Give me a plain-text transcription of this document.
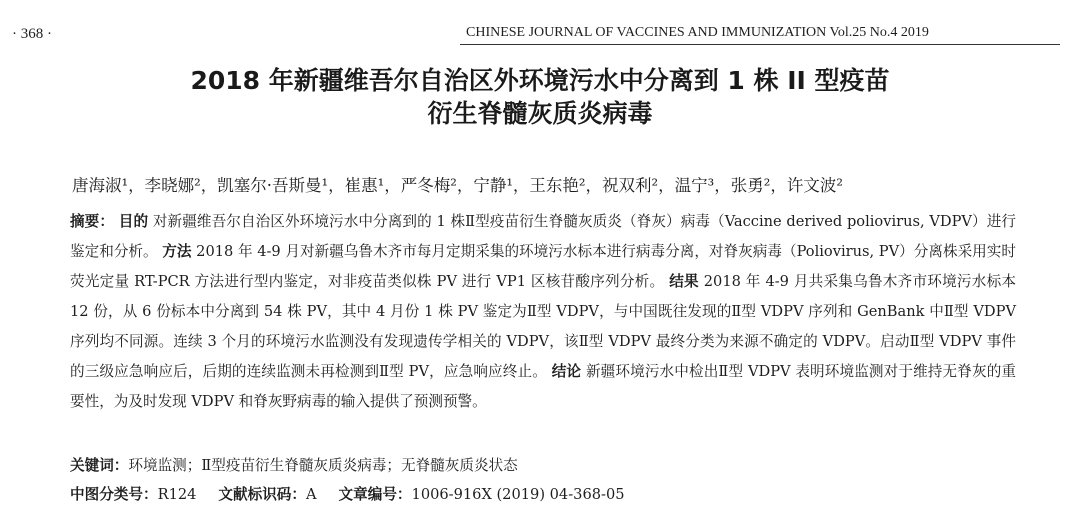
· 368 ·	CHINESE JOURNAL OF VACCINES AND IMMUNIZATION Vol.25 No.4 2019
2018 年新疆维吾尔自治区外环境污水中分离到 1 株 II 型疫苗
衍生脊髓灰质炎病毒
唐海淑¹，李晓娜²，凯塞尔·吾斯曼¹，崔惠¹，严冬梅²，宁静¹，王东艳²，祝双利²，温宁³，张勇²，许文波²

摘要： 目的 对新疆维吾尔自治区外环境污水中分离到的 1 株Ⅱ型疫苗衍生脊髓灰质炎（脊灰）病毒（Vaccine derived poliovirus, VDPV）进行鉴定和分析。 方法 2018 年 4-9 月对新疆乌鲁木齐市每月定期采集的环境污水标本进行病毒分离，对脊灰病毒（Poliovirus, PV）分离株采用实时荧光定量 RT-PCR 方法进行型内鉴定，对非疫苗类似株 PV 进行 VP1 区核苷酸序列分析。 结果 2018 年 4-9 月共采集乌鲁木齐市环境污水标本 12 份，从 6 份标本中分离到 54 株 PV，其中 4 月份 1 株 PV 鉴定为Ⅱ型 VDPV，与中国既往发现的Ⅱ型 VDPV 序列和 GenBank 中Ⅱ型 VDPV 序列均不同源。连续 3 个月的环境污水监测没有发现遗传学相关的 VDPV，该Ⅱ型 VDPV 最终分类为来源不确定的 VDPV。启动Ⅱ型 VDPV 事件的三级应急响应后，后期的连续监测未再检测到Ⅱ型 PV，应急响应终止。 结论 新疆环境污水中检出Ⅱ型 VDPV 表明环境监测对于维持无脊灰的重要性，为及时发现 VDPV 和脊灰野病毒的输入提供了预测预警。

关键词：环境监测；Ⅱ型疫苗衍生脊髓灰质炎病毒；无脊髓灰质炎状态
中图分类号：R124 文献标识码：A 文章编号：1006-916X (2019) 04-368-05
